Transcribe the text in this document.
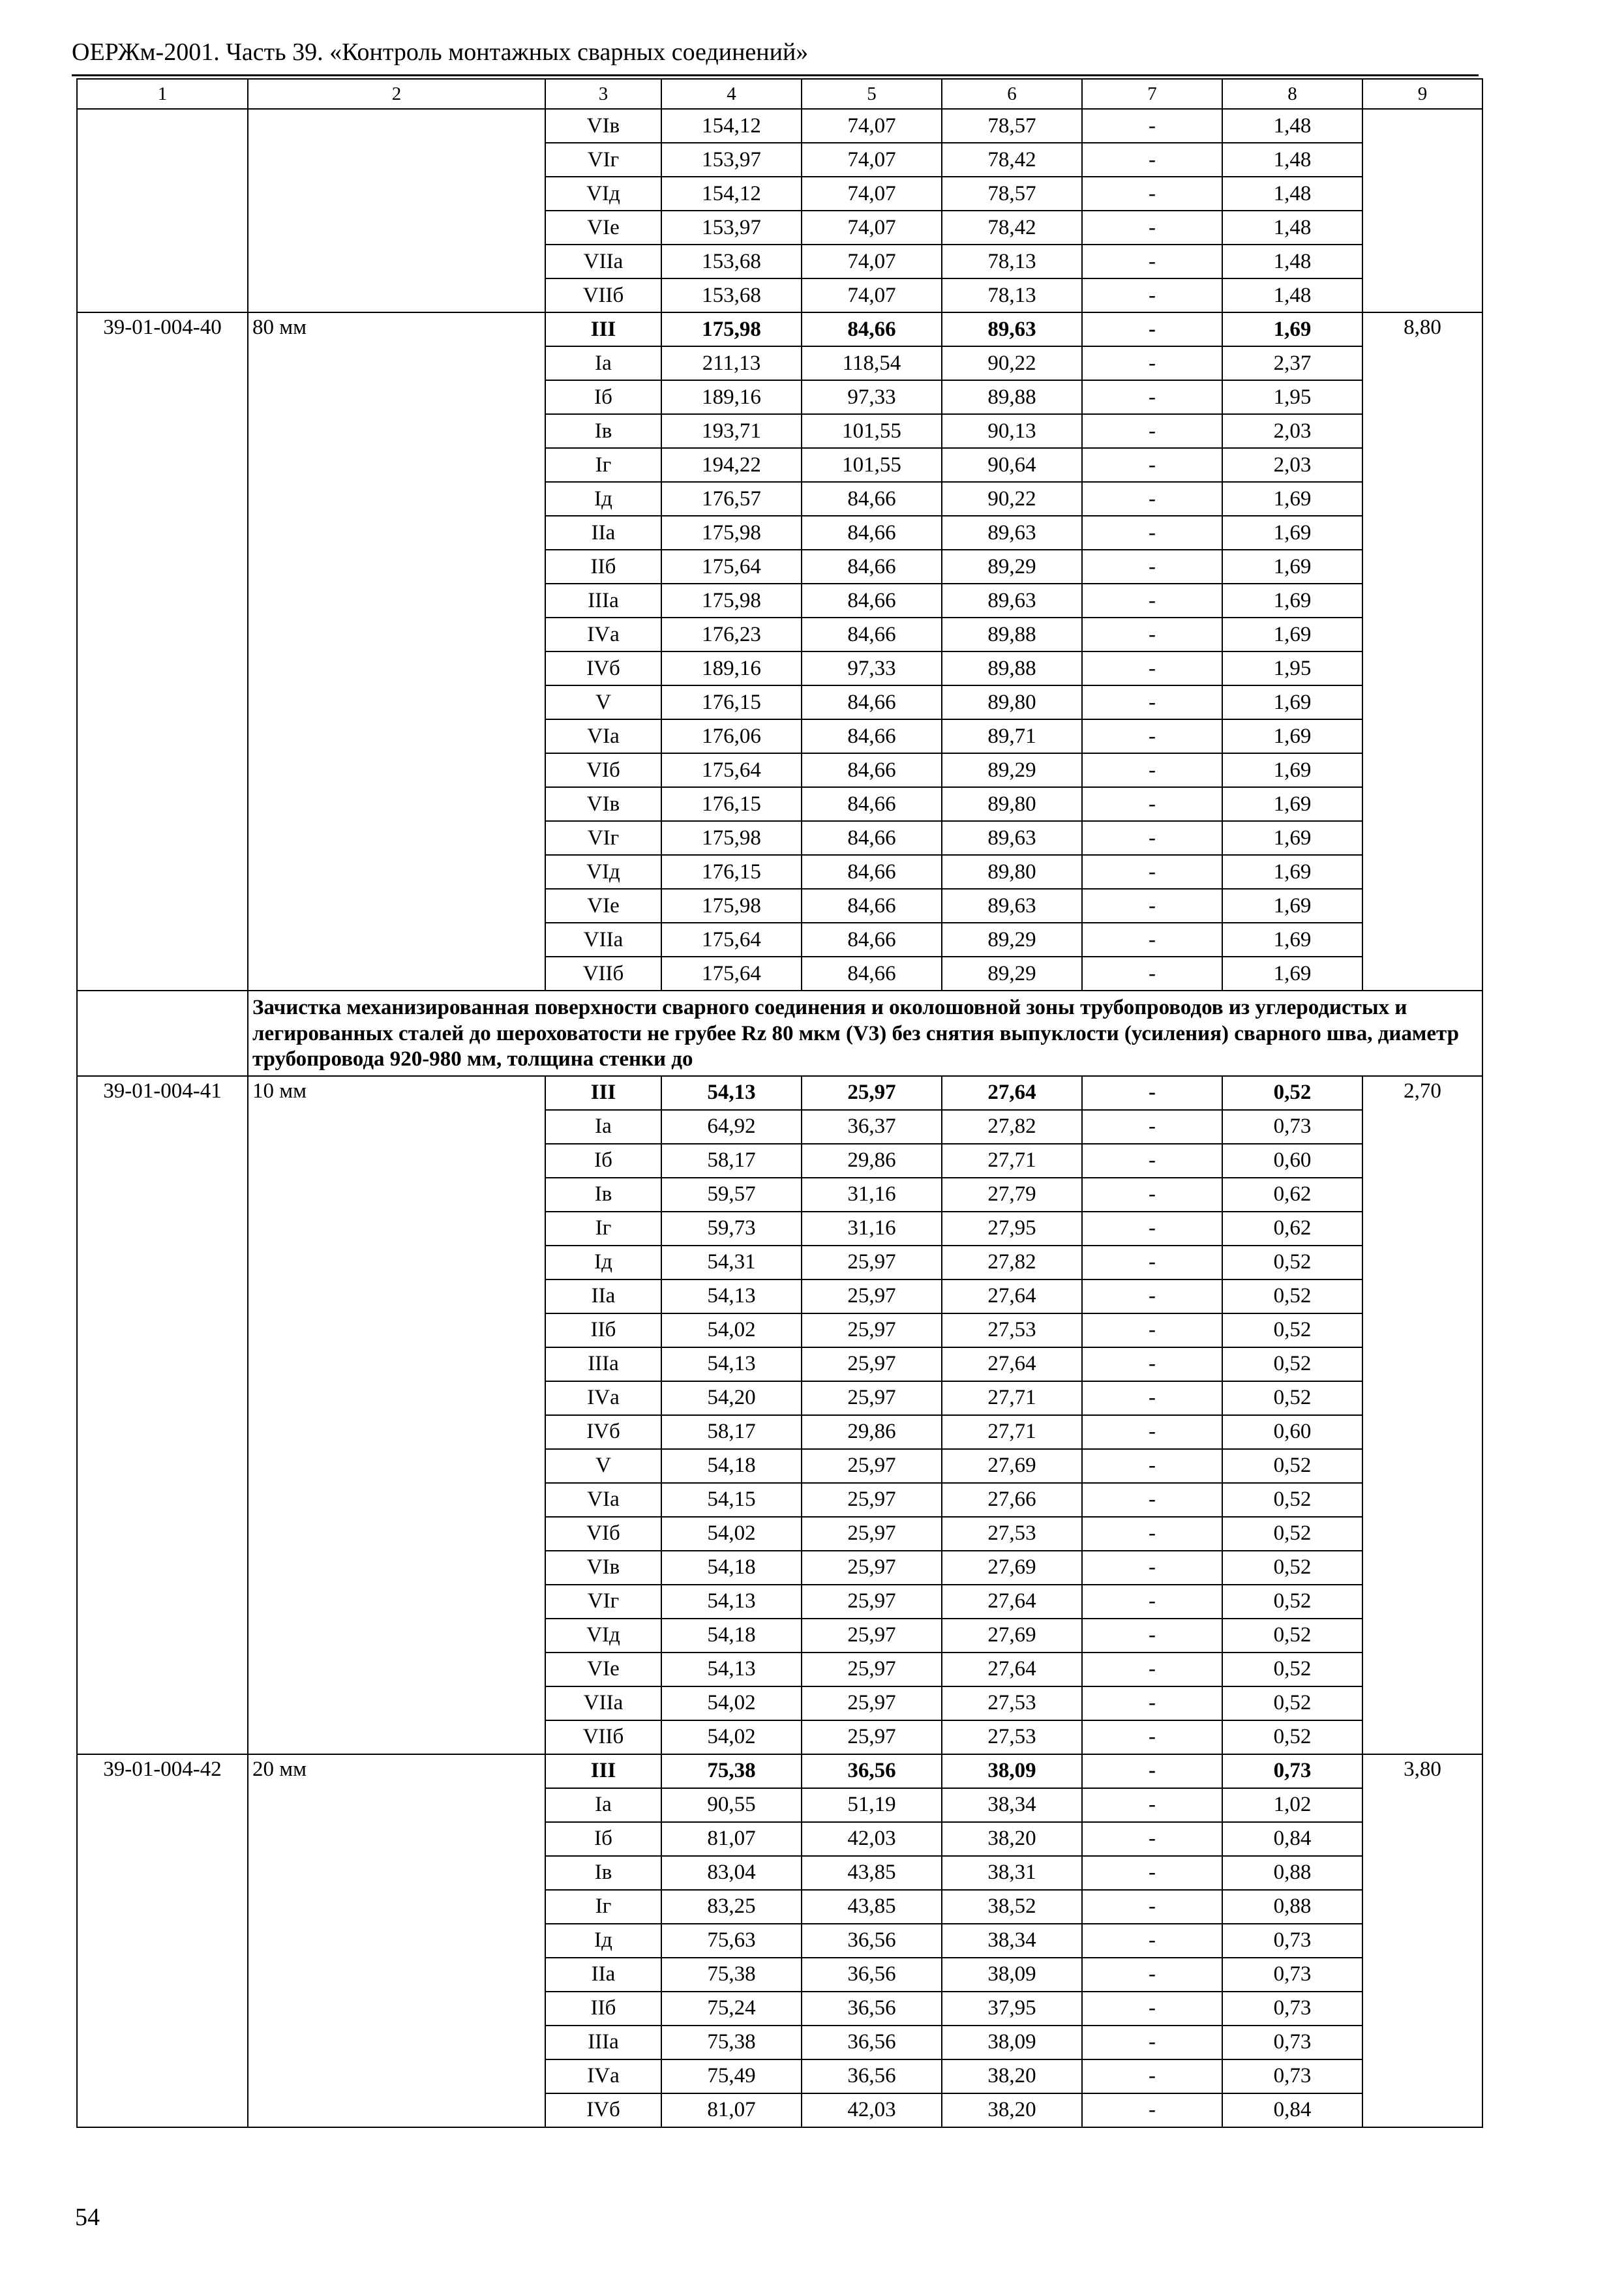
ОЕРЖм-2001. Часть 39. «Контроль монтажных сварных соединений»
1	2	3	4	5	6	7	8	9
		VIв	154,12	74,07	78,57	-	1,48	
		VIг	153,97	74,07	78,42	-	1,48	
		VIд	154,12	74,07	78,57	-	1,48	
		VIе	153,97	74,07	78,42	-	1,48	
		VIIа	153,68	74,07	78,13	-	1,48	
		VIIб	153,68	74,07	78,13	-	1,48	
39-01-004-40	80 мм	III	175,98	84,66	89,63	-	1,69	8,80
		Iа	211,13	118,54	90,22	-	2,37	
		Iб	189,16	97,33	89,88	-	1,95	
		Iв	193,71	101,55	90,13	-	2,03	
		Iг	194,22	101,55	90,64	-	2,03	
		Iд	176,57	84,66	90,22	-	1,69	
		IIа	175,98	84,66	89,63	-	1,69	
		IIб	175,64	84,66	89,29	-	1,69	
		IIIа	175,98	84,66	89,63	-	1,69	
		IVа	176,23	84,66	89,88	-	1,69	
		IVб	189,16	97,33	89,88	-	1,95	
		V	176,15	84,66	89,80	-	1,69	
		VIа	176,06	84,66	89,71	-	1,69	
		VIб	175,64	84,66	89,29	-	1,69	
		VIв	176,15	84,66	89,80	-	1,69	
		VIг	175,98	84,66	89,63	-	1,69	
		VIд	176,15	84,66	89,80	-	1,69	
		VIе	175,98	84,66	89,63	-	1,69	
		VIIа	175,64	84,66	89,29	-	1,69	
		VIIб	175,64	84,66	89,29	-	1,69	
	Зачистка механизированная поверхности сварного соединения и околошовной зоны трубопроводов из углеродистых и легированных сталей до шероховатости не грубее Rz 80 мкм (V3) без снятия выпуклости (усиления) сварного шва, диаметр трубопровода 920-980 мм, толщина стенки до							
39-01-004-41	10 мм	III	54,13	25,97	27,64	-	0,52	2,70
		Iа	64,92	36,37	27,82	-	0,73	
		Iб	58,17	29,86	27,71	-	0,60	
		Iв	59,57	31,16	27,79	-	0,62	
		Iг	59,73	31,16	27,95	-	0,62	
		Iд	54,31	25,97	27,82	-	0,52	
		IIа	54,13	25,97	27,64	-	0,52	
		IIб	54,02	25,97	27,53	-	0,52	
		IIIа	54,13	25,97	27,64	-	0,52	
		IVа	54,20	25,97	27,71	-	0,52	
		IVб	58,17	29,86	27,71	-	0,60	
		V	54,18	25,97	27,69	-	0,52	
		VIа	54,15	25,97	27,66	-	0,52	
		VIб	54,02	25,97	27,53	-	0,52	
		VIв	54,18	25,97	27,69	-	0,52	
		VIг	54,13	25,97	27,64	-	0,52	
		VIд	54,18	25,97	27,69	-	0,52	
		VIе	54,13	25,97	27,64	-	0,52	
		VIIа	54,02	25,97	27,53	-	0,52	
		VIIб	54,02	25,97	27,53	-	0,52	
39-01-004-42	20 мм	III	75,38	36,56	38,09	-	0,73	3,80
		Iа	90,55	51,19	38,34	-	1,02	
		Iб	81,07	42,03	38,20	-	0,84	
		Iв	83,04	43,85	38,31	-	0,88	
		Iг	83,25	43,85	38,52	-	0,88	
		Iд	75,63	36,56	38,34	-	0,73	
		IIа	75,38	36,56	38,09	-	0,73	
		IIб	75,24	36,56	37,95	-	0,73	
		IIIа	75,38	36,56	38,09	-	0,73	
		IVа	75,49	36,56	38,20	-	0,73	
		IVб	81,07	42,03	38,20	-	0,84	
54
